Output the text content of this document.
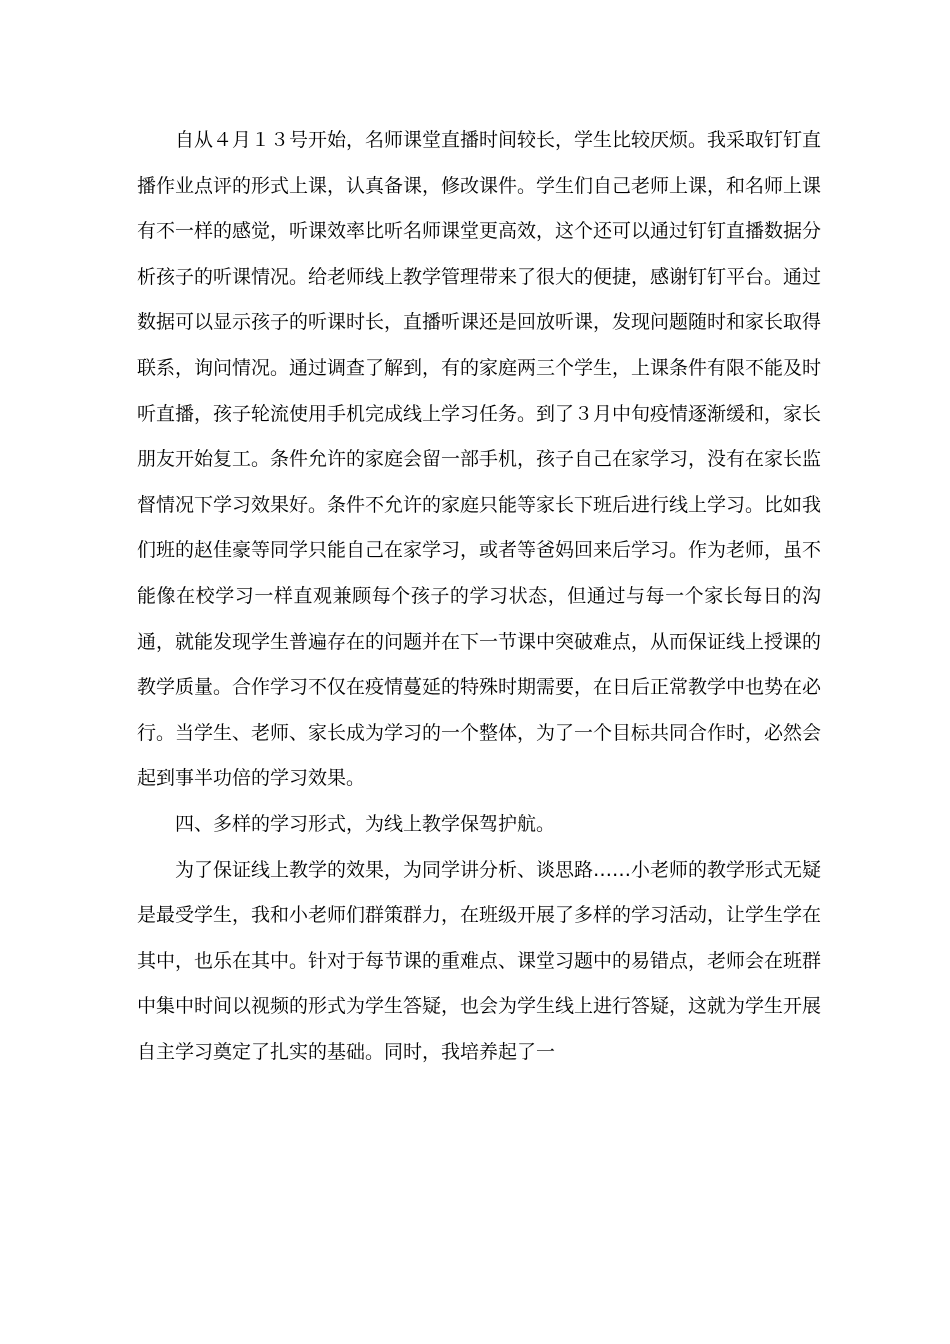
自从４月１３号开始，名师课堂直播时间较长，学生比较厌烦。我采取钉钉直播作业点评的形式上课，认真备课，修改课件。学生们自己老师上课，和名师上课有不一样的感觉，听课效率比听名师课堂更高效，这个还可以通过钉钉直播数据分析孩子的听课情况。给老师线上教学管理带来了很大的便捷，感谢钉钉平台。通过数据可以显示孩子的听课时长，直播听课还是回放听课，发现问题随时和家长取得联系，询问情况。通过调查了解到，有的家庭两三个学生，上课条件有限不能及时听直播，孩子轮流使用手机完成线上学习任务。到了３月中旬疫情逐渐缓和，家长朋友开始复工。条件允许的家庭会留一部手机，孩子自己在家学习，没有在家长监督情况下学习效果好。条件不允许的家庭只能等家长下班后进行线上学习。比如我们班的赵佳豪等同学只能自己在家学习，或者等爸妈回来后学习。作为老师，虽不能像在校学习一样直观兼顾每个孩子的学习状态，但通过与每一个家长每日的沟通，就能发现学生普遍存在的问题并在下一节课中突破难点，从而保证线上授课的教学质量。合作学习不仅在疫情蔓延的特殊时期需要，在日后正常教学中也势在必行。当学生、老师、家长成为学习的一个整体，为了一个目标共同合作时，必然会起到事半功倍的学习效果。

四、多样的学习形式，为线上教学保驾护航。

为了保证线上教学的效果，为同学讲分析、谈思路……小老师的教学形式无疑是最受学生，我和小老师们群策群力，在班级开展了多样的学习活动，让学生学在其中，也乐在其中。针对于每节课的重难点、课堂习题中的易错点，老师会在班群中集中时间以视频的形式为学生答疑，也会为学生线上进行答疑，这就为学生开展自主学习奠定了扎实的基础。同时，我培养起了一
